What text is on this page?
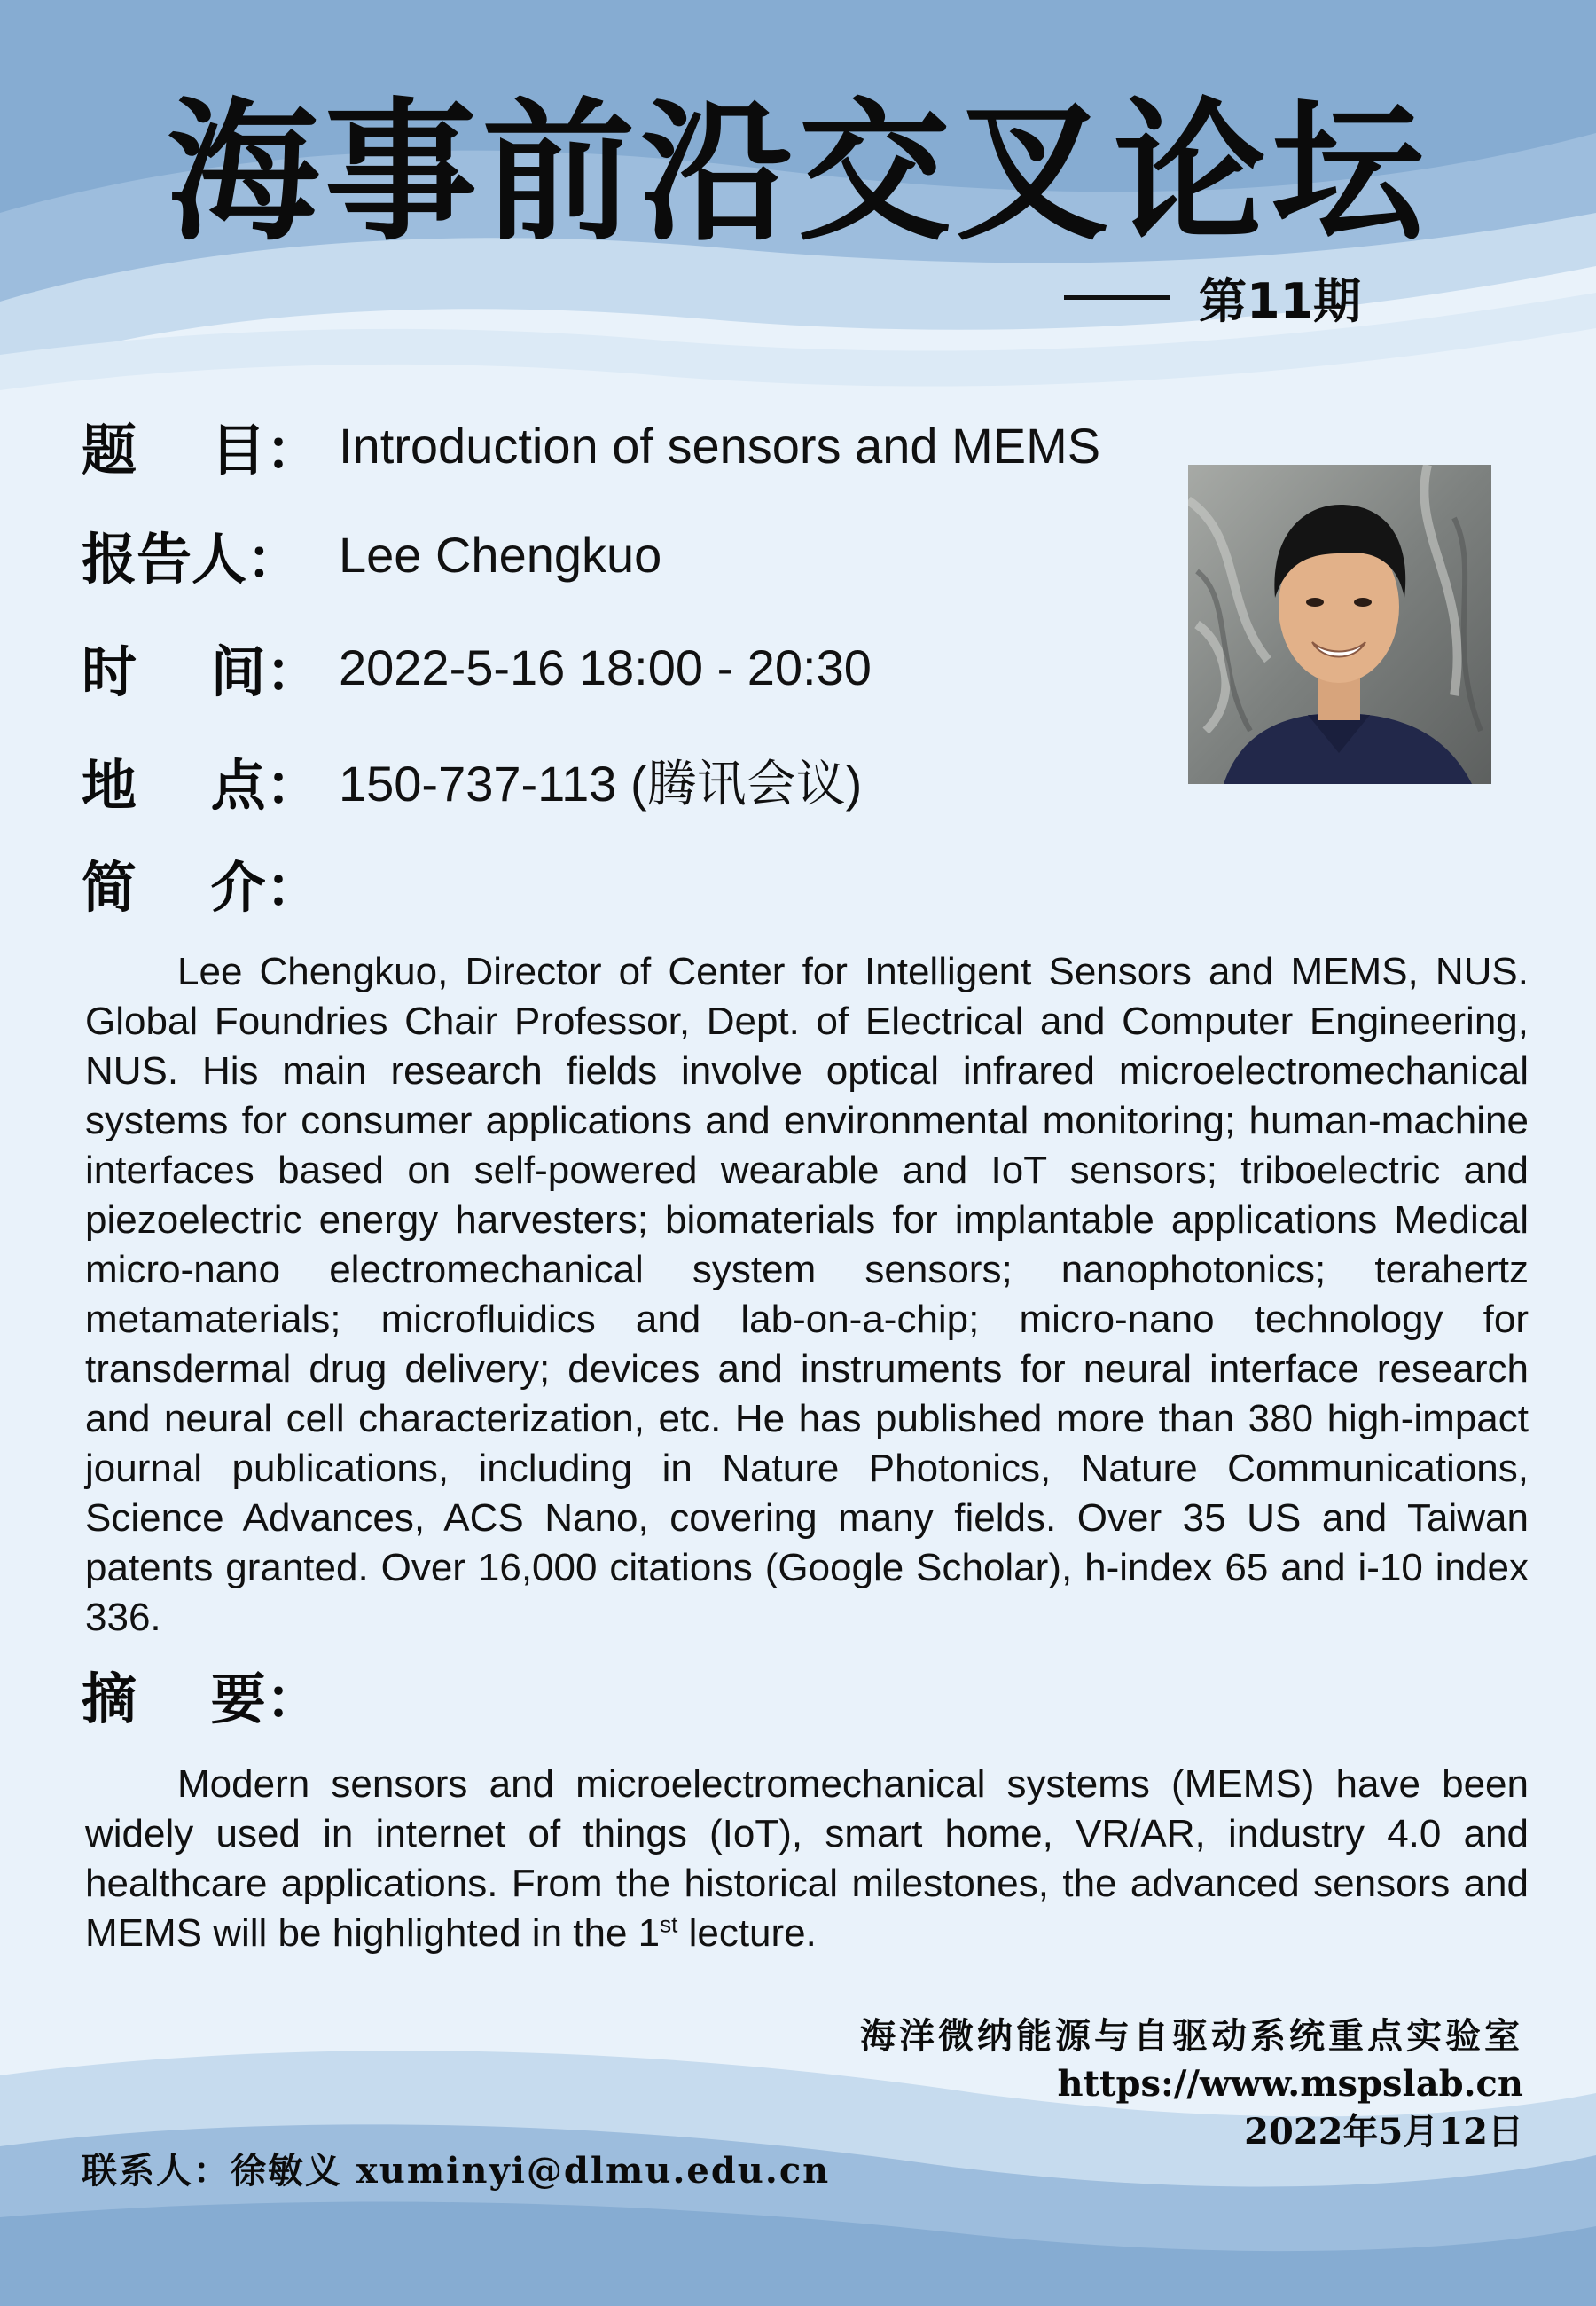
海事前沿交叉论坛
第11期
题　 目： Introduction of sensors and MEMS
报告人： Lee Chengkuo
时　 间： 2022-5-16 18:00 - 20:30
地　 点： 150-737-113 (腾讯会议)
简　 介：
Lee Chengkuo, Director of Center for Intelligent Sensors and MEMS, NUS. Global Foundries Chair Professor, Dept. of Electrical and Computer Engineering, NUS. His main research fields involve optical infrared microelectromechanical systems for consumer applications and environmental monitoring; human-machine interfaces based on self-powered wearable and IoT sensors; triboelectric and piezoelectric energy harvesters; biomaterials for implantable applications Medical micro-nano electromechanical system sensors; nanophotonics; terahertz metamaterials; microfluidics and lab-on-a-chip; micro-nano technology for transdermal drug delivery; devices and instruments for neural interface research and neural cell characterization, etc. He has published more than 380 high-impact journal publications, including in Nature Photonics, Nature Communications, Science Advances, ACS Nano, covering many fields. Over 35 US and Taiwan patents granted. Over 16,000 citations (Google Scholar), h-index 65 and i-10 index 336.
摘　 要：
Modern sensors and microelectromechanical systems (MEMS) have been widely used in internet of things (IoT), smart home, VR/AR, industry 4.0 and healthcare applications. From the historical milestones, the advanced sensors and MEMS will be highlighted in the 1st lecture.
海洋微纳能源与自驱动系统重点实验室
https://www.mspslab.cn
2022年5月12日
联系人：徐敏义 xuminyi@dlmu.edu.cn
